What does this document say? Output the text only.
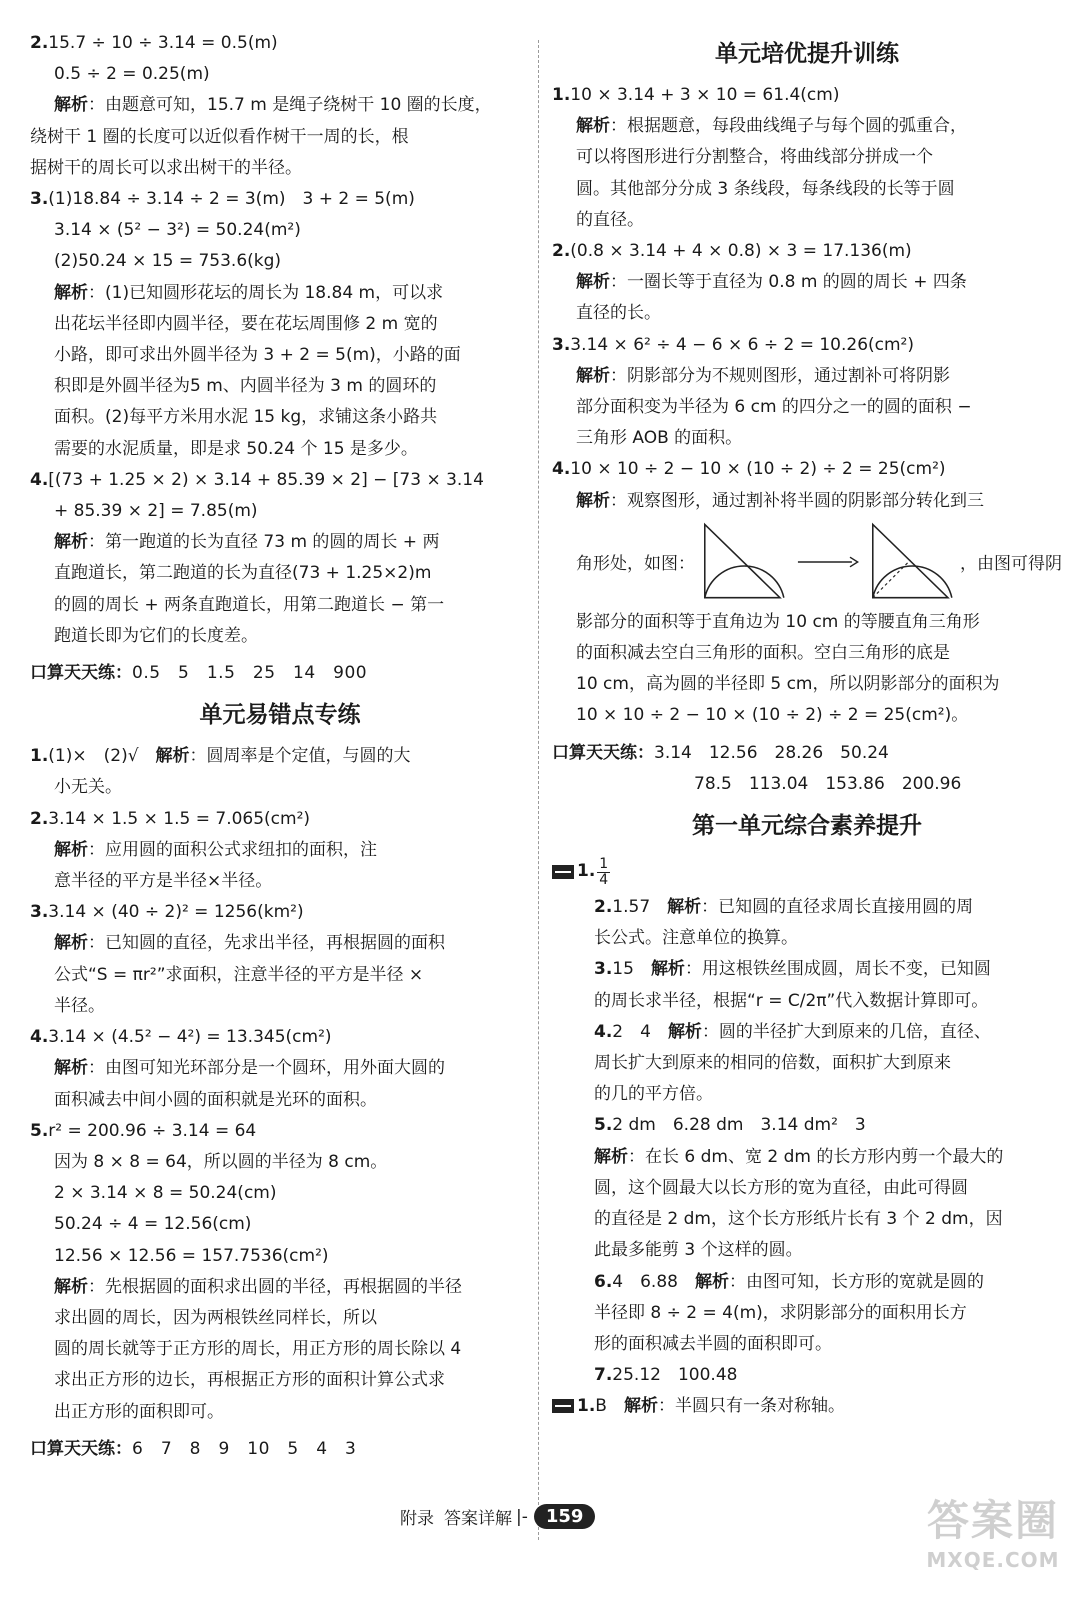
2.15.7 ÷ 10 ÷ 3.14 = 0.5(m)
0.5 ÷ 2 = 0.25(m)
解析：由题意可知，15.7 m 是绳子绕树干 10 圈的长度，
绕树干 1 圈的长度可以近似看作树干一周的长，根
据树干的周长可以求出树干的半径。
3.(1)18.84 ÷ 3.14 ÷ 2 = 3(m)　3 + 2 = 5(m)
3.14 × (5² − 3²) = 50.24(m²)
(2)50.24 × 15 = 753.6(kg)
解析：(1)已知圆形花坛的周长为 18.84 m，可以求
出花坛半径即内圆半径，要在花坛周围修 2 m 宽的
小路，即可求出外圆半径为 3 + 2 = 5(m)，小路的面
积即是外圆半径为5 m、内圆半径为 3 m 的圆环的
面积。(2)每平方米用水泥 15 kg，求铺这条小路共
需要的水泥质量，即是求 50.24 个 15 是多少。
4.[(73 + 1.25 × 2) × 3.14 + 85.39 × 2] − [73 × 3.14
+ 85.39 × 2] = 7.85(m)
解析：第一跑道的长为直径 73 m 的圆的周长 + 两
直跑道长，第二跑道的长为直径(73 + 1.25×2)m
的圆的周长 + 两条直跑道长，用第二跑道长 − 第一
跑道长即为它们的长度差。
口算天天练：0.5　5　1.5　25　14　900
单元易错点专练
1.(1)×　(2)√　解析：圆周率是个定值，与圆的大
小无关。
2.3.14 × 1.5 × 1.5 = 7.065(cm²)
解析：应用圆的面积公式求纽扣的面积，注
意半径的平方是半径×半径。
3.3.14 × (40 ÷ 2)² = 1256(km²)
解析：已知圆的直径，先求出半径，再根据圆的面积
公式“S = πr²”求面积，注意半径的平方是半径 ×
半径。
4.3.14 × (4.5² − 4²) = 13.345(cm²)
解析：由图可知光环部分是一个圆环，用外面大圆的
面积减去中间小圆的面积就是光环的面积。
5.r² = 200.96 ÷ 3.14 = 64
因为 8 × 8 = 64，所以圆的半径为 8 cm。
2 × 3.14 × 8 = 50.24(cm)
50.24 ÷ 4 = 12.56(cm)
12.56 × 12.56 = 157.7536(cm²)
解析：先根据圆的面积求出圆的半径，再根据圆的半径
求出圆的周长，因为两根铁丝同样长，所以
圆的周长就等于正方形的周长，用正方形的周长除以 4
求出正方形的边长，再根据正方形的面积计算公式求
出正方形的面积即可。
口算天天练：6　7　8　9　10　5　4　3
单元培优提升训练
1.10 × 3.14 + 3 × 10 = 61.4(cm)
解析：根据题意，每段曲线绳子与每个圆的弧重合，
可以将图形进行分割整合，将曲线部分拼成一个
圆。其他部分分成 3 条线段，每条线段的长等于圆
的直径。
2.(0.8 × 3.14 + 4 × 0.8) × 3 = 17.136(m)
解析：一圈长等于直径为 0.8 m 的圆的周长 + 四条
直径的长。
3.3.14 × 6² ÷ 4 − 6 × 6 ÷ 2 = 10.26(cm²)
解析：阴影部分为不规则图形，通过割补可将阴影
部分面积变为半径为 6 cm 的四分之一的圆的面积 −
三角形 AOB 的面积。
4.10 × 10 ÷ 2 − 10 × (10 ÷ 2) ÷ 2 = 25(cm²)
解析：观察图形，通过割补将半圆的阴影部分转化到三
角形处，如图：	，由图可得阴
影部分的面积等于直角边为 10 cm 的等腰直角三角形
的面积减去空白三角形的面积。空白三角形的底是
10 cm，高为圆的半径即 5 cm，所以阴影部分的面积为
10 × 10 ÷ 2 − 10 × (10 ÷ 2) ÷ 2 = 25(cm²)。
口算天天练：3.14　12.56　28.26　50.24
78.5　113.04　153.86　200.96
第一单元综合素养提升
1. $\frac{1}{4}$
2.1.57　解析：已知圆的直径求周长直接用圆的周
长公式。注意单位的换算。
3.15　解析：用这根铁丝围成圆，周长不变，已知圆
的周长求半径，根据“r = C/2π”代入数据计算即可。
4.2　4　解析：圆的半径扩大到原来的几倍，直径、
周长扩大到原来的相同的倍数，面积扩大到原来
的几的平方倍。
5.2 dm　6.28 dm　3.14 dm²　3
解析：在长 6 dm、宽 2 dm 的长方形内剪一个最大的
圆，这个圆最大以长方形的宽为直径，由此可得圆
的直径是 2 dm，这个长方形纸片长有 3 个 2 dm，因
此最多能剪 3 个这样的圆。
6.4　6.88　解析：由图可知，长方形的宽就是圆的
半径即 8 ÷ 2 = 4(m)，求阴影部分的面积用长方
形的面积减去半圆的面积即可。
7.25.12　100.48
1.B　解析：半圆只有一条对称轴。
附录 答案详解 |-	159	答案圈
MXQE.COM
